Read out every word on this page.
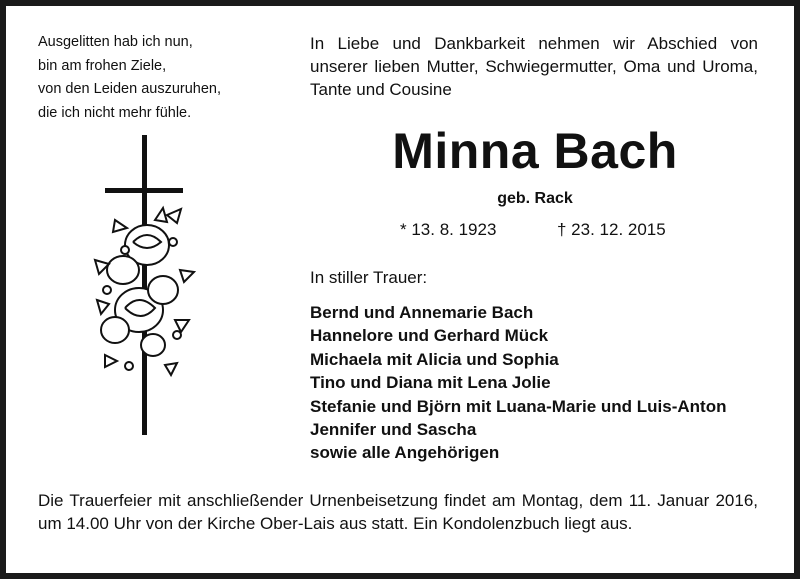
Ausgelitten hab ich nun,
bin am frohen Ziele,
von den Leiden auszuruhen,
die ich nicht mehr fühle.
In Liebe und Dankbarkeit nehmen wir Abschied von unserer lieben Mutter, Schwiegermutter, Oma und Uroma, Tante und Cousine
Minna Bach
geb. Rack
* 13. 8. 1923	† 23. 12. 2015
In stiller Trauer:
Bernd und Annemarie Bach
Hannelore und Gerhard Mück
Michaela mit Alicia und Sophia
Tino und Diana mit Lena Jolie
Stefanie und Björn mit Luana-Marie und Luis-Anton
Jennifer und Sascha
sowie alle Angehörigen
Die Trauerfeier mit anschließender Urnenbeisetzung findet am Montag, dem 11. Januar 2016, um 14.00 Uhr von der Kirche Ober-Lais aus statt. Ein Kondolenzbuch liegt aus.
